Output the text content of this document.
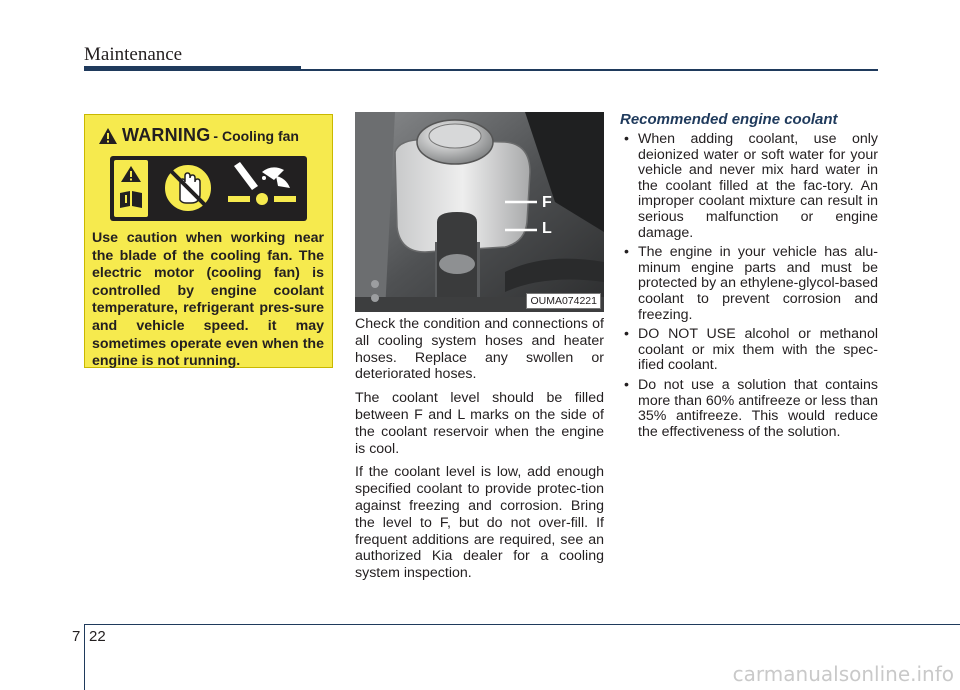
Maintenance
WARNING - Cooling fan
Use caution when working near the blade of the cooling fan. The electric motor (cooling fan) is controlled by engine coolant temperature, refrigerant pres-sure and vehicle speed. it may sometimes operate even when the engine is not running.
F
L
OUMA074221

Check the condition and connections of all cooling system hoses and heater hoses. Replace any swollen or deteriorated hoses.

The coolant level should be filled between F and L marks on the side of the coolant reservoir when the engine is cool.

If the coolant level is low, add enough specified coolant to provide protec-tion against freezing and corrosion. Bring the level to F, but do not over-fill. If frequent additions are required, see an authorized Kia dealer for a cooling system inspection.

Recommended engine coolant
• When adding coolant, use only deionized water or soft water for your vehicle and never mix hard water in the coolant filled at the fac-tory. An improper coolant mixture can result in serious malfunction or engine damage.
• The engine in your vehicle has alu-minum engine parts and must be protected by an ethylene-glycol-based coolant to prevent corrosion and freezing.
• DO NOT USE alcohol or methanol coolant or mix them with the spec-ified coolant.
• Do not use a solution that contains more than 60% antifreeze or less than 35% antifreeze. This would reduce the effectiveness of the solution.
7 22
carmanualsonline.info
